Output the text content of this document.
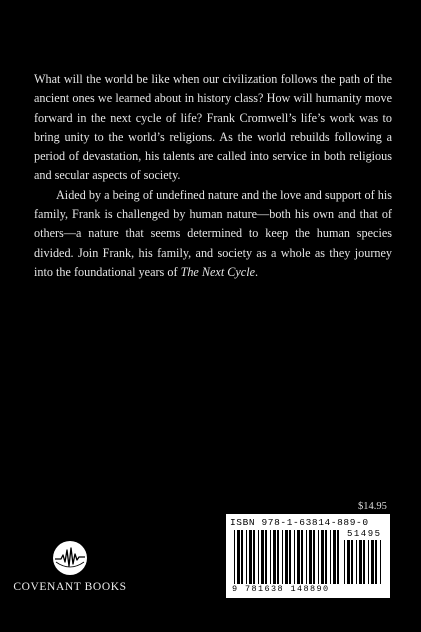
What will the world be like when our civilization follows the path of the ancient ones we learned about in history class? How will humanity move forward in the next cycle of life? Frank Cromwell’s life’s work was to bring unity to the world’s religions. As the world rebuilds following a period of devastation, his talents are called into service in both religious and secular aspects of society.

Aided by a being of undefined nature and the love and support of his family, Frank is challenged by human nature—both his own and that of others—a nature that seems determined to keep the human species divided. Join Frank, his family, and society as a whole as they journey into the foundational years of The Next Cycle.

$14.95
ISBN 978-1-63814-889-0
51495
9 781638 148890
COVENANT BOOKS
